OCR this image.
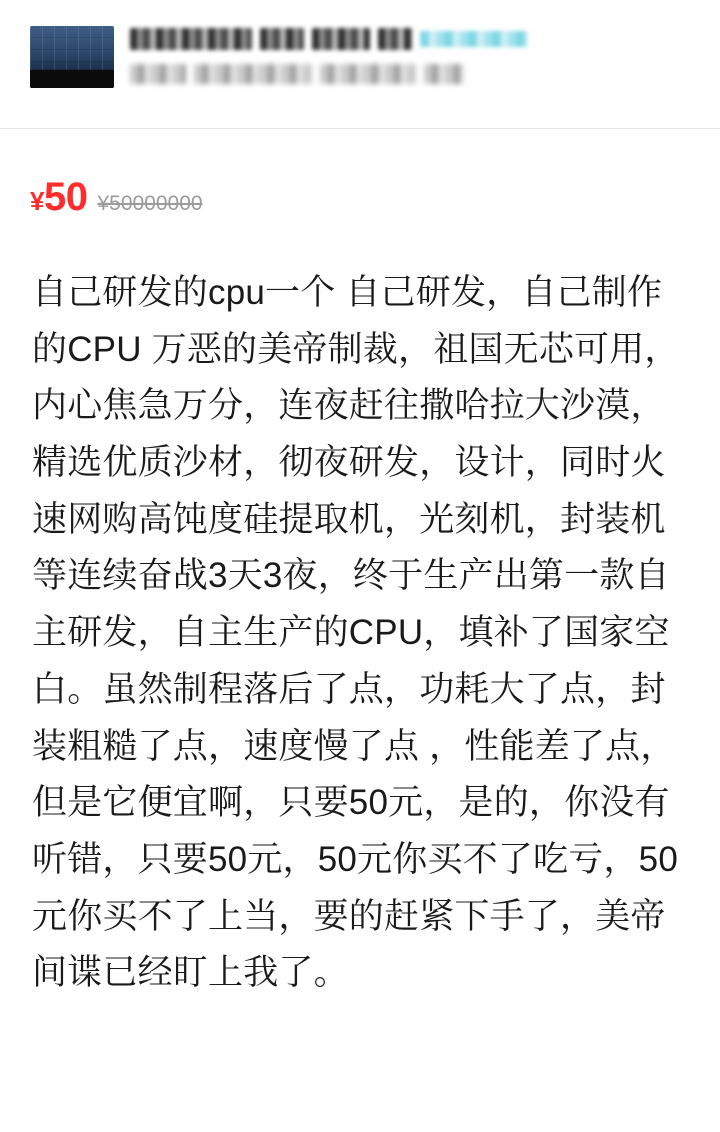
¥50 ¥50000000
自己研发的cpu一个 自己研发，自己制作的CPU 万恶的美帝制裁，祖国无芯可用，内心焦急万分，连夜赶往撒哈拉大沙漠，精选优质沙材，彻夜研发，设计，同时火速网购高饨度硅提取机，光刻机，封装机等连续奋战3天3夜，终于生产出第一款自主研发，自主生产的CPU，填补了国家空白。虽然制程落后了点，功耗大了点，封装粗糙了点，速度慢了点 ，性能差了点，但是它便宜啊，只要50元，是的，你没有听错，只要50元，50元你买不了吃亏，50元你买不了上当，要的赶紧下手了，美帝间谍已经盯上我了。
